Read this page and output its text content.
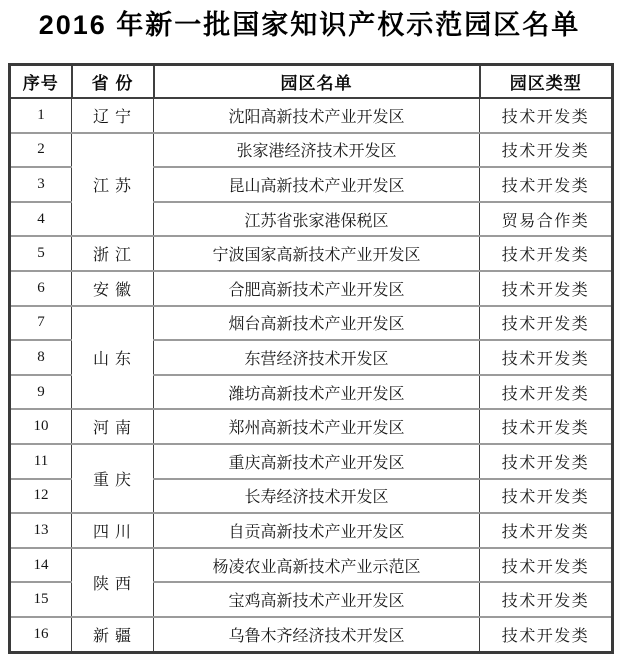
2016 年新一批国家知识产权示范园区名单
序号	省 份	园区名单	园区类型
1	辽 宁	沈阳高新技术产业开发区	技术开发类
2	江 苏	张家港经济技术开发区	技术开发类
3		昆山高新技术产业开发区	技术开发类
4		江苏省张家港保税区	贸易合作类
5	浙 江	宁波国家高新技术产业开发区	技术开发类
6	安 徽	合肥高新技术产业开发区	技术开发类
7	山 东	烟台高新技术产业开发区	技术开发类
8		东营经济技术开发区	技术开发类
9		潍坊高新技术产业开发区	技术开发类
10	河 南	郑州高新技术产业开发区	技术开发类
11	重 庆	重庆高新技术产业开发区	技术开发类
12		长寿经济技术开发区	技术开发类
13	四 川	自贡高新技术产业开发区	技术开发类
14	陕 西	杨凌农业高新技术产业示范区	技术开发类
15		宝鸡高新技术产业开发区	技术开发类
16	新 疆	乌鲁木齐经济技术开发区	技术开发类
